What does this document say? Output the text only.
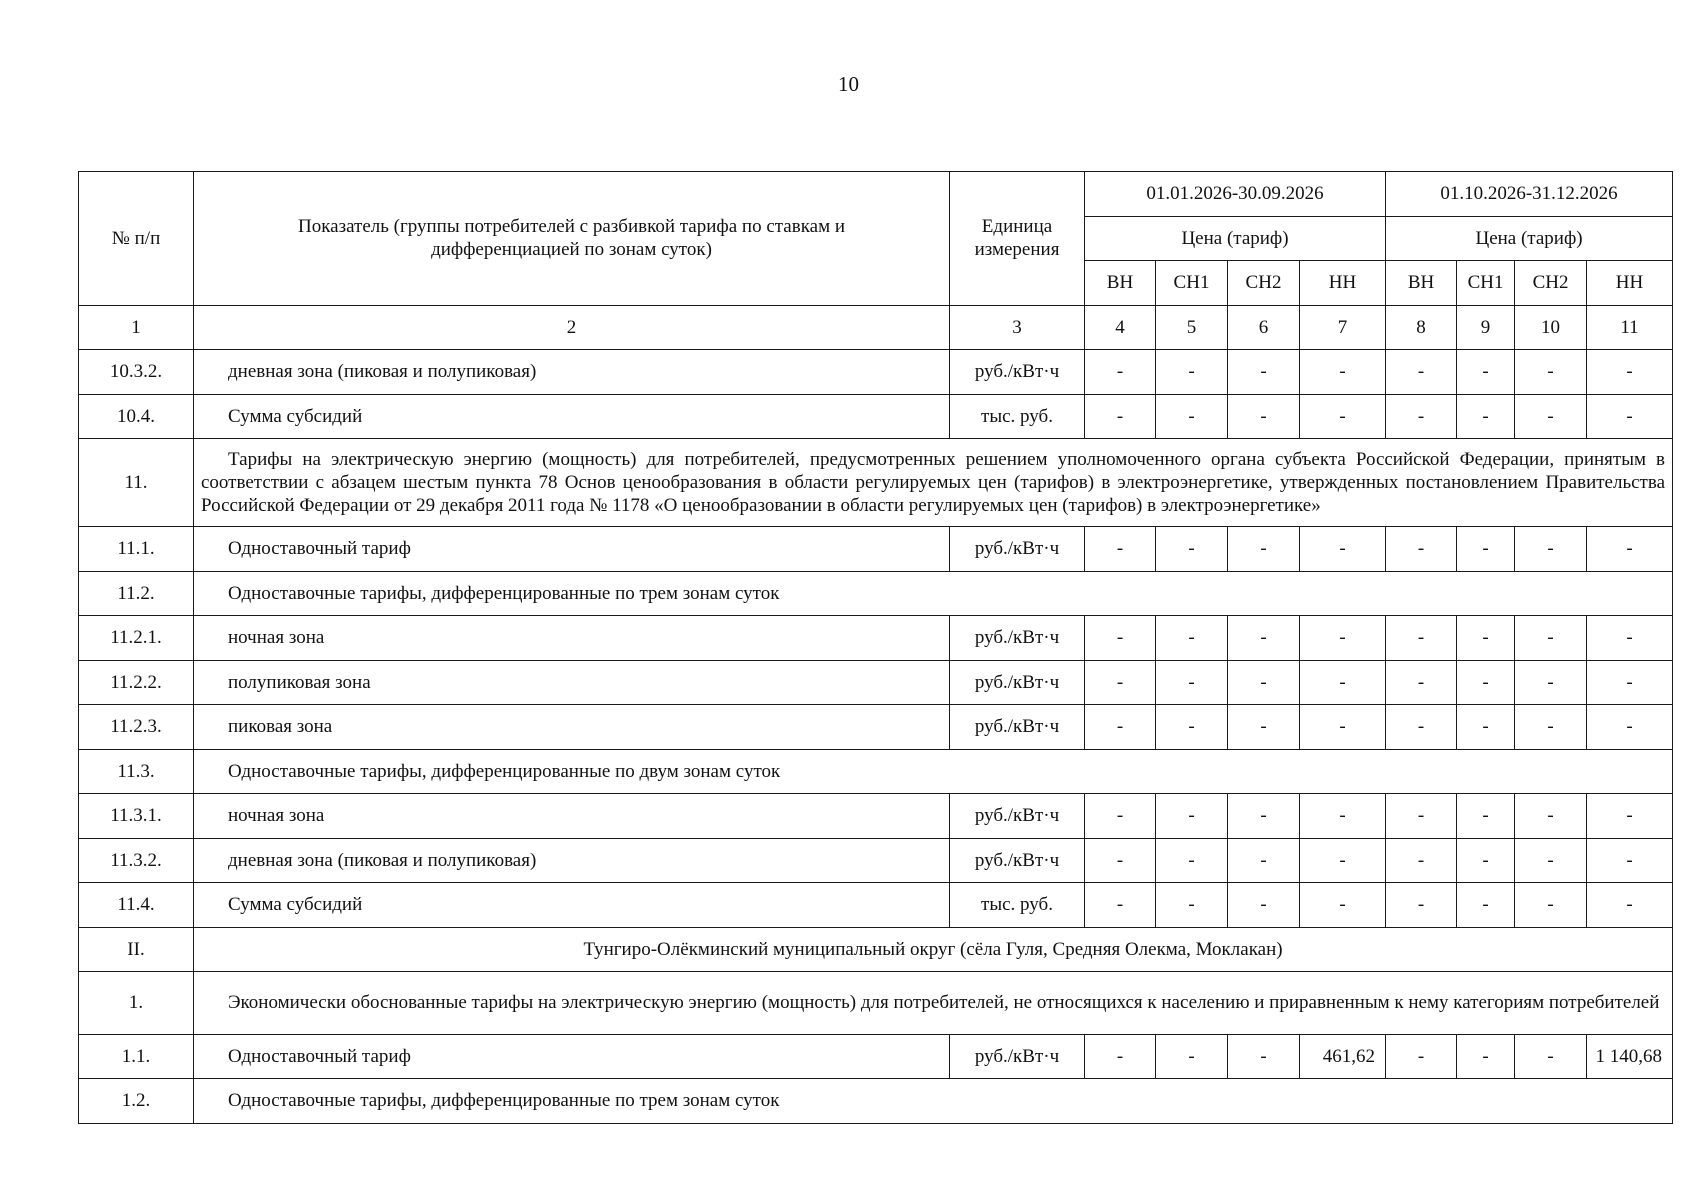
10
№ п/п	Показатель (группы потребителей с разбивкой тарифа по ставкам и дифференциацией по зонам суток)	Единица измерения	01.01.2026-30.09.2026				01.10.2026-31.12.2026			
			Цена (тариф)				Цена (тариф)			
			ВН	СН1	СН2	НН	ВН	СН1	СН2	НН
1	2	3	4	5	6	7	8	9	10	11
10.3.2.	дневная зона (пиковая и полупиковая)	руб./кВт·ч	-	-	-	-	-	-	-	-
10.4.	Сумма субсидий	тыс. руб.	-	-	-	-	-	-	-	-
11.	Тарифы на электрическую энергию (мощность) для потребителей, предусмотренных решением уполномоченного органа субъекта Российской Федерации, принятым в соответствии с абзацем шестым пункта 78 Основ ценообразования в области регулируемых цен (тарифов) в электроэнергетике, утвержденных постановлением Правительства Российской Федерации от 29 декабря 2011 года № 1178 «О ценообразовании в области регулируемых цен (тарифов) в электроэнергетике»									
11.1.	Одноставочный тариф	руб./кВт·ч	-	-	-	-	-	-	-	-
11.2.	Одноставочные тарифы, дифференцированные по трем зонам суток									
11.2.1.	ночная зона	руб./кВт·ч	-	-	-	-	-	-	-	-
11.2.2.	полупиковая зона	руб./кВт·ч	-	-	-	-	-	-	-	-
11.2.3.	пиковая зона	руб./кВт·ч	-	-	-	-	-	-	-	-
11.3.	Одноставочные тарифы, дифференцированные по двум зонам суток									
11.3.1.	ночная зона	руб./кВт·ч	-	-	-	-	-	-	-	-
11.3.2.	дневная зона (пиковая и полупиковая)	руб./кВт·ч	-	-	-	-	-	-	-	-
11.4.	Сумма субсидий	тыс. руб.	-	-	-	-	-	-	-	-
II.	Тунгиро-Олёкминский муниципальный округ (сёла Гуля, Средняя Олекма, Моклакан)									
1.	Экономически обоснованные тарифы на электрическую энергию (мощность) для потребителей, не относящихся к населению и приравненным к нему категориям потребителей									
1.1.	Одноставочный тариф	руб./кВт·ч	-	-	-	461,62	-	-	-	1 140,68
1.2.	Одноставочные тарифы, дифференцированные по трем зонам суток									
